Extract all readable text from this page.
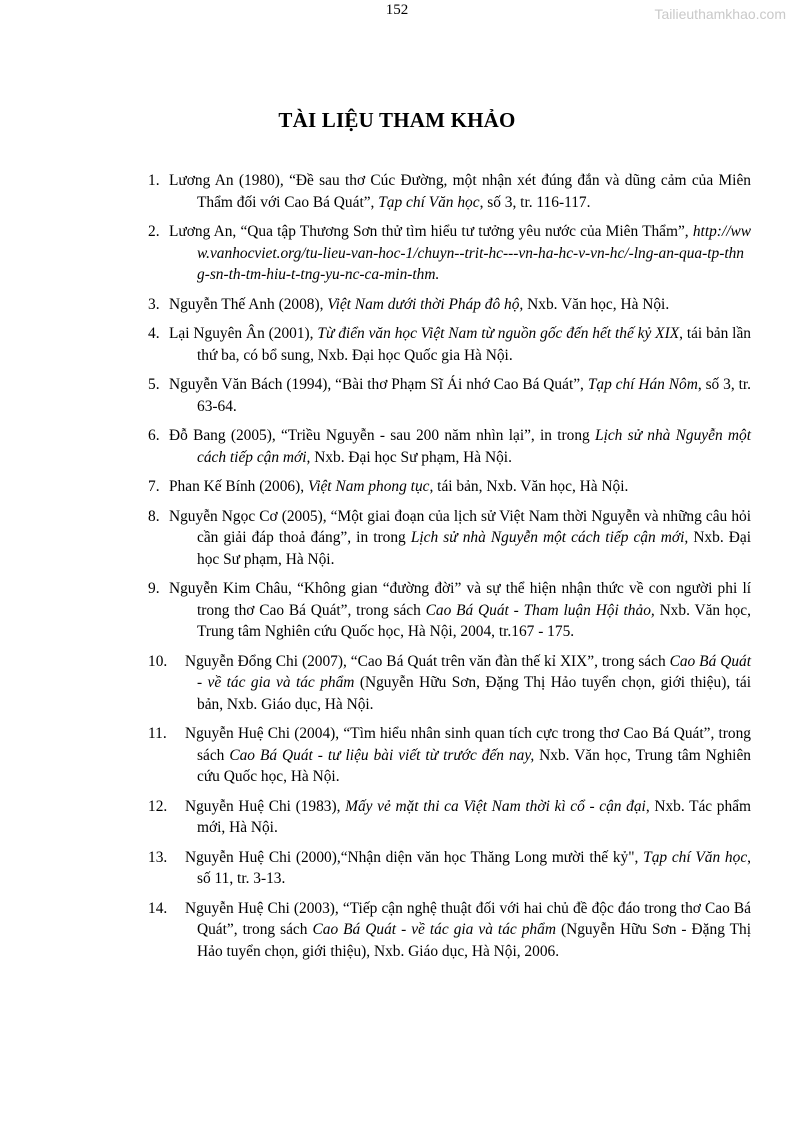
152	Tailieuthamkhao.com
TÀI LIỆU THAM KHẢO
1. Lương An (1980), “Đề sau thơ Cúc Đường, một nhận xét đúng đắn và dũng cảm của Miên Thẩm đối với Cao Bá Quát”, Tạp chí Văn học, số 3, tr. 116-117.
2. Lương An, “Qua tập Thương Sơn thử tìm hiểu tư tưởng yêu nước của Miên Thẩm”, http://www.vanhocviet.org/tu-lieu-van-hoc-1/chuyn--trit-hc---vn-ha-hc-v-vn-hc/-lng-an-qua-tp-thng-sn-th-tm-hiu-t-tng-yu-nc-ca-min-thm.
3. Nguyễn Thế Anh (2008), Việt Nam dưới thời Pháp đô hộ, Nxb. Văn học, Hà Nội.
4. Lại Nguyên Ân (2001), Từ điển văn học Việt Nam từ nguồn gốc đến hết thế kỷ XIX, tái bản lần thứ ba, có bổ sung, Nxb. Đại học Quốc gia Hà Nội.
5. Nguyễn Văn Bách (1994), “Bài thơ Phạm Sĩ Ái nhớ Cao Bá Quát”, Tạp chí Hán Nôm, số 3, tr. 63-64.
6. Đỗ Bang (2005), “Triều Nguyễn - sau 200 năm nhìn lại”, in trong Lịch sử nhà Nguyễn một cách tiếp cận mới, Nxb. Đại học Sư phạm, Hà Nội.
7. Phan Kế Bính (2006), Việt Nam phong tục, tái bản, Nxb. Văn học, Hà Nội.
8. Nguyễn Ngọc Cơ (2005), “Một giai đoạn của lịch sử Việt Nam thời Nguyễn và những câu hỏi cần giải đáp thoả đáng”, in trong Lịch sử nhà Nguyễn một cách tiếp cận mới, Nxb. Đại học Sư phạm, Hà Nội.
9. Nguyễn Kim Châu, “Không gian “đường đời” và sự thể hiện nhận thức về con người phi lí trong thơ Cao Bá Quát”, trong sách Cao Bá Quát - Tham luận Hội thảo, Nxb. Văn học, Trung tâm Nghiên cứu Quốc học, Hà Nội, 2004, tr.167 - 175.
10. Nguyễn Đổng Chi (2007), “Cao Bá Quát trên văn đàn thế kỉ XIX”, trong sách Cao Bá Quát - về tác gia và tác phẩm (Nguyễn Hữu Sơn, Đặng Thị Hảo tuyển chọn, giới thiệu), tái bản, Nxb. Giáo dục, Hà Nội.
11. Nguyễn Huệ Chi (2004), “Tìm hiểu nhân sinh quan tích cực trong thơ Cao Bá Quát”, trong sách Cao Bá Quát - tư liệu bài viết từ trước đến nay, Nxb. Văn học, Trung tâm Nghiên cứu Quốc học, Hà Nội.
12. Nguyễn Huệ Chi (1983), Mấy vẻ mặt thi ca Việt Nam thời kì cổ - cận đại, Nxb. Tác phẩm mới, Hà Nội.
13. Nguyễn Huệ Chi (2000),“Nhận diện văn học Thăng Long mười thế kỷ", Tạp chí Văn học, số 11, tr. 3-13.
14. Nguyễn Huệ Chi (2003), “Tiếp cận nghệ thuật đối với hai chủ đề độc đáo trong thơ Cao Bá Quát”, trong sách Cao Bá Quát - về tác gia và tác phẩm (Nguyễn Hữu Sơn - Đặng Thị Hảo tuyển chọn, giới thiệu), Nxb. Giáo dục, Hà Nội, 2006.
